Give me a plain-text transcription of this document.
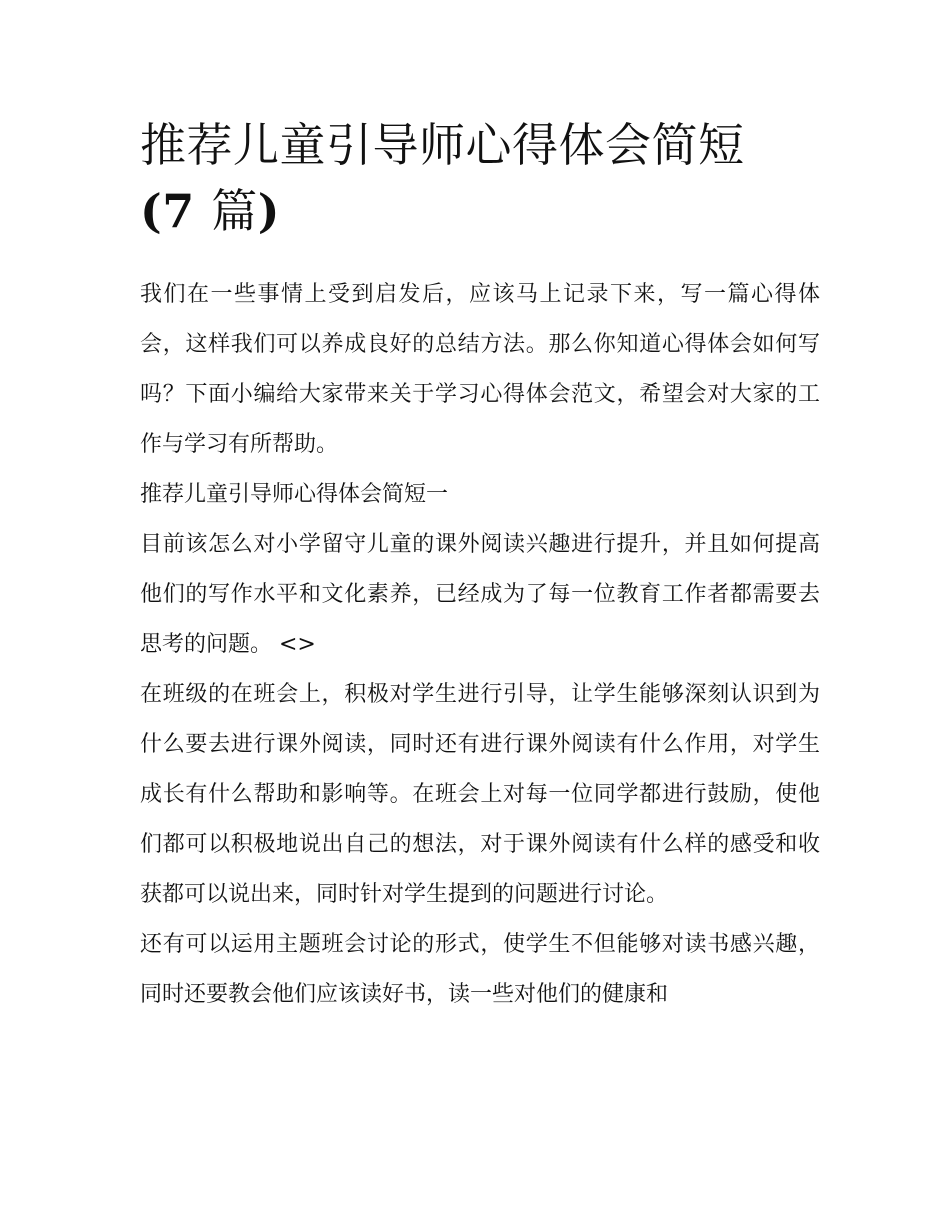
推荐儿童引导师心得体会简短
(7 篇)

我们在一些事情上受到启发后，应该马上记录下来，写一篇心得体会，这样我们可以养成良好的总结方法。那么你知道心得体会如何写吗？下面小编给大家带来关于学习心得体会范文，希望会对大家的工作与学习有所帮助。

推荐儿童引导师心得体会简短一

目前该怎么对小学留守儿童的课外阅读兴趣进行提升，并且如何提高他们的写作水平和文化素养，已经成为了每一位教育工作者都需要去思考的问题。 <>

在班级的在班会上，积极对学生进行引导，让学生能够深刻认识到为什么要去进行课外阅读，同时还有进行课外阅读有什么作用，对学生成长有什么帮助和影响等。在班会上对每一位同学都进行鼓励，使他们都可以积极地说出自己的想法，对于课外阅读有什么样的感受和收获都可以说出来，同时针对学生提到的问题进行讨论。

还有可以运用主题班会讨论的形式，使学生不但能够对读书感兴趣，同时还要教会他们应该读好书，读一些对他们的健康和
